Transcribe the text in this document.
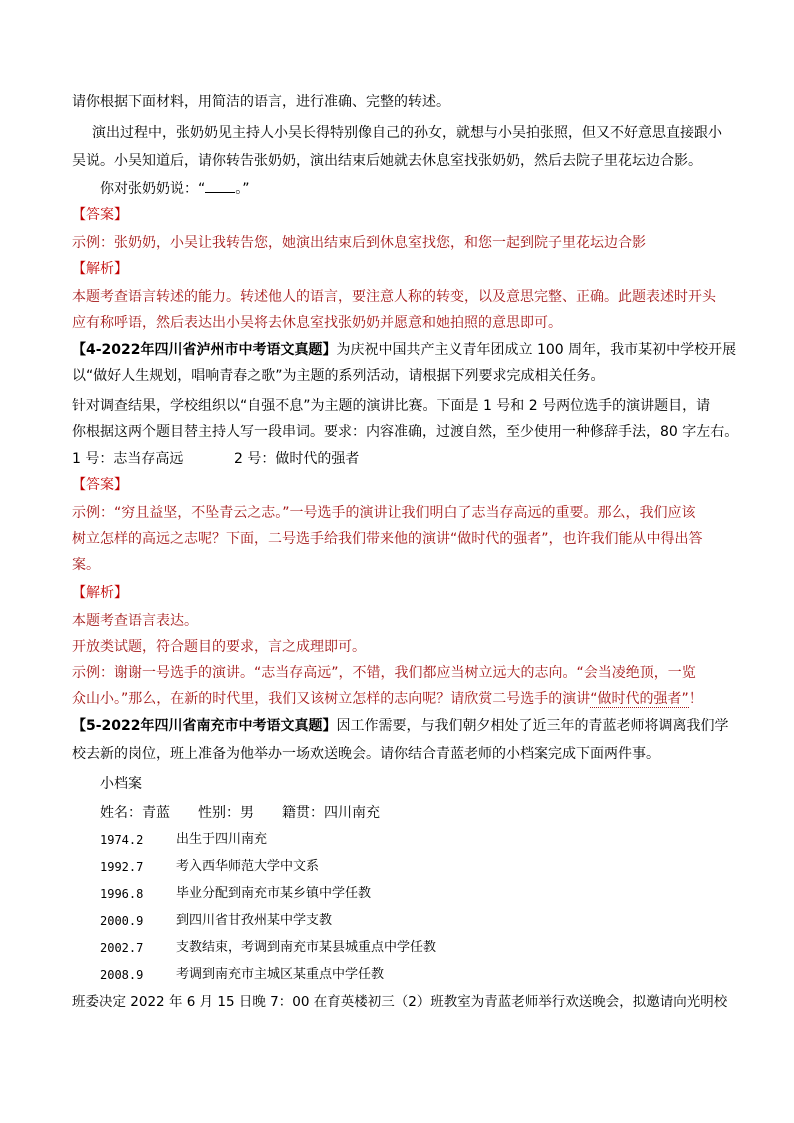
请你根据下面材料，用简洁的语言，进行准确、完整的转述。
演出过程中，张奶奶见主持人小吴长得特别像自己的孙女，就想与小吴拍张照，但又不好意思直接跟小
吴说。小吴知道后，请你转告张奶奶，演出结束后她就去休息室找张奶奶，然后去院子里花坛边合影。
你对张奶奶说：“ 。”
【答案】
示例：张奶奶，小吴让我转告您，她演出结束后到休息室找您，和您一起到院子里花坛边合影
【解析】
本题考查语言转述的能力。转述他人的语言，要注意人称的转变，以及意思完整、正确。此题表述时开头
应有称呼语，然后表达出小吴将去休息室找张奶奶并愿意和她拍照的意思即可。
【4-2022年四川省泸州市中考语文真题】为庆祝中国共产主义青年团成立 100 周年，我市某初中学校开展
以“做好人生规划，唱响青春之歌”为主题的系列活动，请根据下列要求完成相关任务。
针对调查结果，学校组织以“自强不息”为主题的演讲比赛。下面是 1 号和 2 号两位选手的演讲题目，请
你根据这两个题目替主持人写一段串词。要求：内容准确，过渡自然，至少使用一种修辞手法，80 字左右。
1 号：志当存高远	2 号：做时代的强者
【答案】
示例：“穷且益坚，不坠青云之志。”一号选手的演讲让我们明白了志当存高远的重要。那么，我们应该
树立怎样的高远之志呢？下面，二号选手给我们带来他的演讲“做时代的强者”，也许我们能从中得出答
案。
【解析】
本题考查语言表达。
开放类试题，符合题目的要求，言之成理即可。
示例：谢谢一号选手的演讲。“志当存高远”，不错，我们都应当树立远大的志向。“会当凌绝顶，一览
众山小。”那么，在新的时代里，我们又该树立怎样的志向呢？请欣赏二号选手的演讲“做时代的强者”！
【5-2022年四川省南充市中考语文真题】因工作需要，与我们朝夕相处了近三年的青蓝老师将调离我们学
校去新的岗位，班上准备为他举办一场欢送晚会。请你结合青蓝老师的小档案完成下面两件事。
小档案
姓名：青蓝　　性别：男　　籍贯：四川南充
1974.2	出生于四川南充
1992.7	考入西华师范大学中文系
1996.8	毕业分配到南充市某乡镇中学任教
2000.9	到四川省甘孜州某中学支教
2002.7	支教结束，考调到南充市某县城重点中学任教
2008.9	考调到南充市主城区某重点中学任教
班委决定 2022 年 6 月 15 日晚 7：00 在育英楼初三（2）班教室为青蓝老师举行欢送晚会，拟邀请向光明校
